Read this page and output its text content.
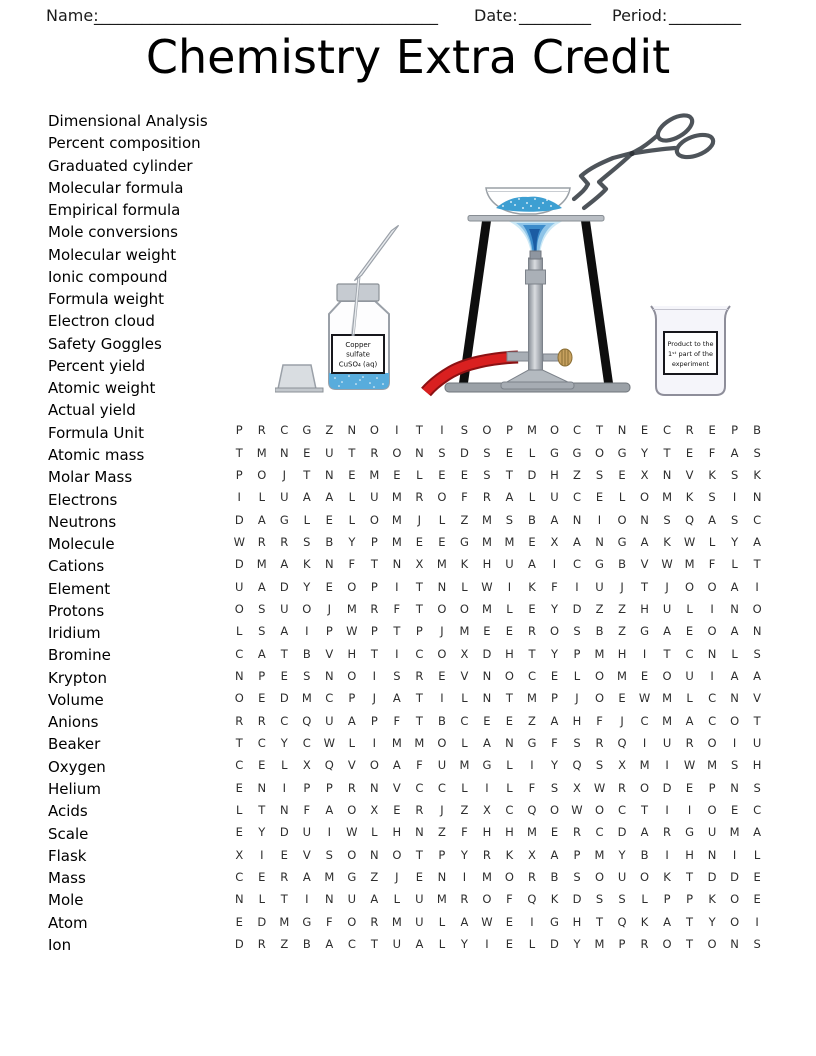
Name:
___________________________________________ Date: _________ Period: _________
Chemistry Extra Credit
Dimensional Analysis
Percent composition
Graduated cylinder
Molecular formula
Empirical formula
Mole conversions
Molecular weight
Ionic compound
Formula weight
Electron cloud
Safety Goggles
Percent yield
Atomic weight
Actual yield
Formula Unit
Atomic mass
Molar Mass
Electrons
Neutrons
Molecule
Cations
Element
Protons
Iridium
Bromine
Krypton
Volume
Anions
Beaker
Oxygen
Helium
Acids
Scale
Flask
Mass
Mole
Atom
Ion
Copper
sulfate
CuSO₄ (aq)
Product to the
1ˢᵗ part of the
experiment
P	R	C	G	Z	N	O	I	T	I	S	O	P	M	O	C	T	N	E	C	R	E	P	B
T	M	N	E	U	T	R	O	N	S	D	S	E	L	G	G	O	G	Y	T	E	F	A	S
P	O	J	T	N	E	M	E	L	E	E	S	T	D	H	Z	S	E	X	N	V	K	S	K
I	L	U	A	A	L	U	M	R	O	F	R	A	L	U	C	E	L	O	M	K	S	I	N
D	A	G	L	E	L	O	M	J	L	Z	M	S	B	A	N	I	O	N	S	Q	A	S	C
W	R	R	S	B	Y	P	M	E	E	G	M	M	E	X	A	N	G	A	K	W	L	Y	A
D	M	A	K	N	F	T	N	X	M	K	H	U	A	I	C	G	B	V	W	M	F	L	T
U	A	D	Y	E	O	P	I	T	N	L	W	I	K	F	I	U	J	T	J	O	O	A	I
O	S	U	O	J	M	R	F	T	O	O	M	L	E	Y	D	Z	Z	H	U	L	I	N	O
L	S	A	I	P	W	P	T	P	J	M	E	E	R	O	S	B	Z	G	A	E	O	A	N
C	A	T	B	V	H	T	I	C	O	X	D	H	T	Y	P	M	H	I	T	C	N	L	S
N	P	E	S	N	O	I	S	R	E	V	N	O	C	E	L	O	M	E	O	U	I	A	A
O	E	D	M	C	P	J	A	T	I	L	N	T	M	P	J	O	E	W	M	L	C	N	V
R	R	C	Q	U	A	P	F	T	B	C	E	E	Z	A	H	F	J	C	M	A	C	O	T
T	C	Y	C	W	L	I	M	M	O	L	A	N	G	F	S	R	Q	I	U	R	O	I	U
C	E	L	X	Q	V	O	A	F	U	M	G	L	I	Y	Q	S	X	M	I	W	M	S	H
E	N	I	P	P	R	N	V	C	C	L	I	L	F	S	X	W	R	O	D	E	P	N	S
L	T	N	F	A	O	X	E	R	J	Z	X	C	Q	O	W	O	C	T	I	I	O	E	C
E	Y	D	U	I	W	L	H	N	Z	F	H	H	M	E	R	C	D	A	R	G	U	M	A
X	I	E	V	S	O	N	O	T	P	Y	R	K	X	A	P	M	Y	B	I	H	N	I	L
C	E	R	A	M	G	Z	J	E	N	I	M	O	R	B	S	O	U	O	K	T	D	D	E
N	L	T	I	N	U	A	L	U	M	R	O	F	Q	K	D	S	S	L	P	P	K	O	E
E	D	M	G	F	O	R	M	U	L	A	W	E	I	G	H	T	Q	K	A	T	Y	O	I
D	R	Z	B	A	C	T	U	A	L	Y	I	E	L	D	Y	M	P	R	O	T	O	N	S
